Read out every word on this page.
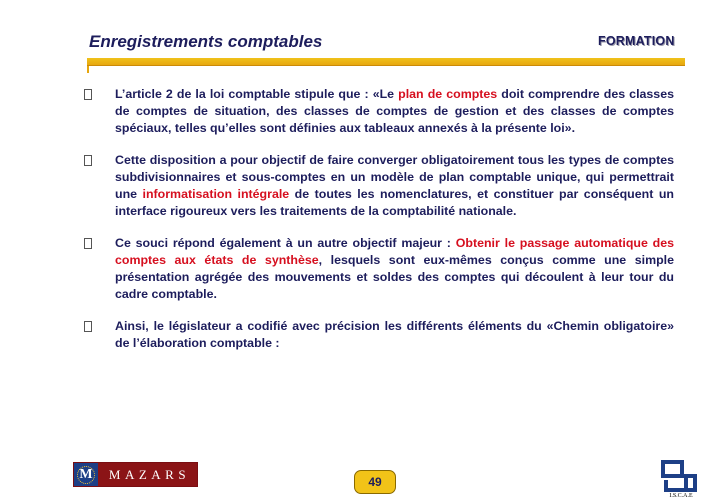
Enregistrements comptables	FORMATION

L’article 2 de la loi comptable stipule que : «Le plan de comptes doit comprendre des classes de comptes de situation, des classes de comptes de gestion et des classes de comptes spéciaux, telles qu’elles sont définies aux tableaux annexés à la présente loi».

Cette disposition a pour objectif de faire converger obligatoirement tous les types de comptes subdivisionnaires et sous-comptes en un modèle de plan comptable unique, qui permettrait une informatisation intégrale de toutes les nomenclatures, et constituer par conséquent un interface rigoureux vers les traitements de la comptabilité nationale.

Ce souci répond également à un autre objectif majeur : Obtenir le passage automatique des comptes aux états de synthèse, lesquels sont eux-mêmes conçus comme une simple présentation agrégée des mouvements et soldes des comptes qui découlent à leur tour du cadre comptable.

Ainsi, le législateur a codifié avec précision les différents éléments du «Chemin obligatoire» de l’élaboration comptable :

M	MAZARS
49
I.S.C.A.E
